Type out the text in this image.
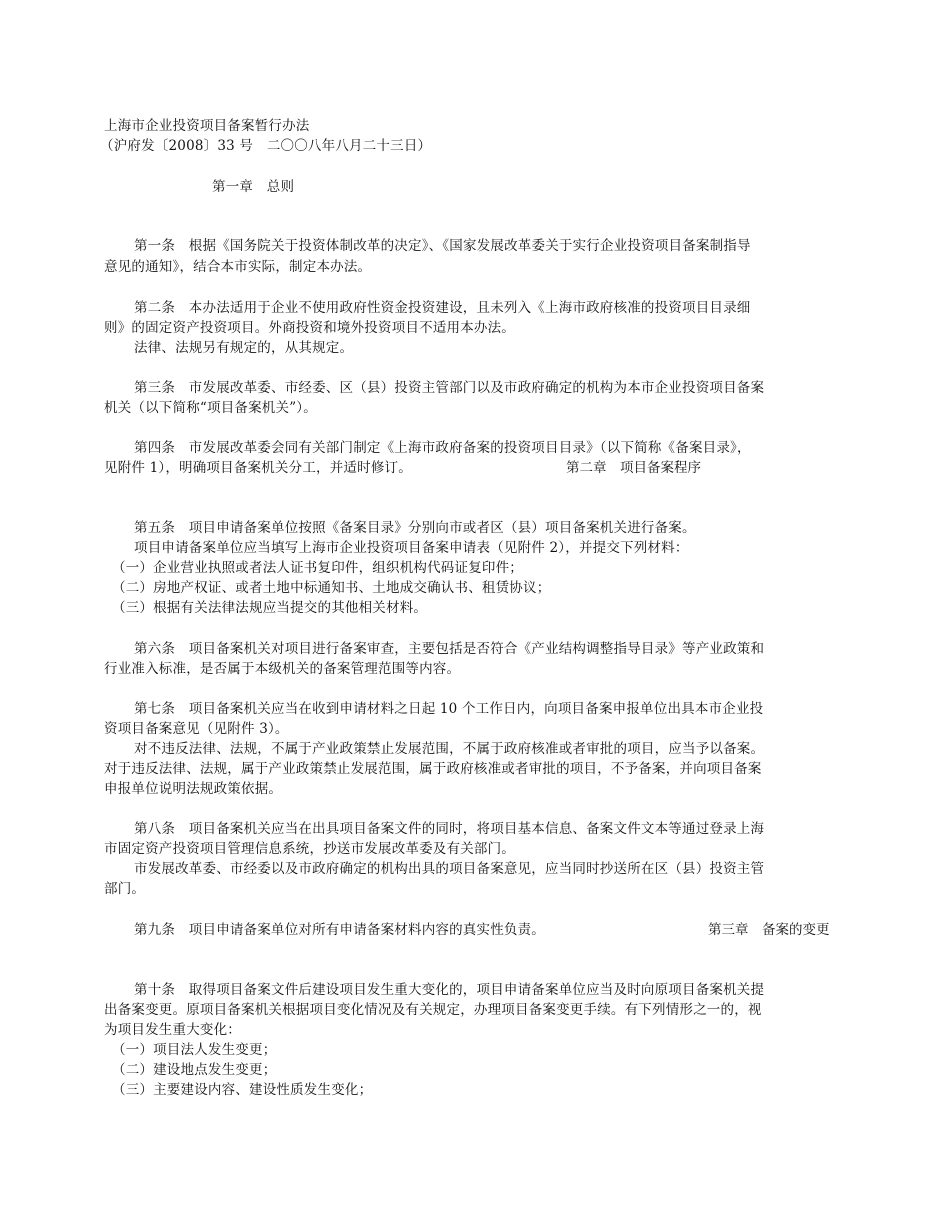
上海市企业投资项目备案暂行办法
（沪府发〔2008〕33 号　二〇〇八年八月二十三日）
第一章　总则
第一条　根据《国务院关于投资体制改革的决定》、《国家发展改革委关于实行企业投资项目备案制指导
意见的通知》，结合本市实际，制定本办法。
第二条　本办法适用于企业不使用政府性资金投资建设，且未列入《上海市政府核准的投资项目目录细
则》的固定资产投资项目。外商投资和境外投资项目不适用本办法。
法律、法规另有规定的，从其规定。
第三条　市发展改革委、市经委、区（县）投资主管部门以及市政府确定的机构为本市企业投资项目备案
机关（以下简称“项目备案机关”）。
第四条　市发展改革委会同有关部门制定《上海市政府备案的投资项目目录》（以下简称《备案目录》，
见附件 1），明确项目备案机关分工，并适时修订。	第二章　项目备案程序
第五条　项目申请备案单位按照《备案目录》分别向市或者区（县）项目备案机关进行备案。
项目申请备案单位应当填写上海市企业投资项目备案申请表（见附件 2），并提交下列材料：
（一）企业营业执照或者法人证书复印件，组织机构代码证复印件；
（二）房地产权证、或者土地中标通知书、土地成交确认书、租赁协议；
（三）根据有关法律法规应当提交的其他相关材料。
第六条　项目备案机关对项目进行备案审查，主要包括是否符合《产业结构调整指导目录》等产业政策和
行业准入标准，是否属于本级机关的备案管理范围等内容。
第七条　项目备案机关应当在收到申请材料之日起 10 个工作日内，向项目备案申报单位出具本市企业投
资项目备案意见（见附件 3）。
对不违反法律、法规，不属于产业政策禁止发展范围，不属于政府核准或者审批的项目，应当予以备案。
对于违反法律、法规，属于产业政策禁止发展范围，属于政府核准或者审批的项目，不予备案，并向项目备案
申报单位说明法规政策依据。
第八条　项目备案机关应当在出具项目备案文件的同时，将项目基本信息、备案文件文本等通过登录上海
市固定资产投资项目管理信息系统，抄送市发展改革委及有关部门。
市发展改革委、市经委以及市政府确定的机构出具的项目备案意见，应当同时抄送所在区（县）投资主管
部门。
第九条　项目申请备案单位对所有申请备案材料内容的真实性负责。	第三章　备案的变更
第十条　取得项目备案文件后建设项目发生重大变化的，项目申请备案单位应当及时向原项目备案机关提
出备案变更。原项目备案机关根据项目变化情况及有关规定，办理项目备案变更手续。有下列情形之一的，视
为项目发生重大变化：
（一）项目法人发生变更；
（二）建设地点发生变更；
（三）主要建设内容、建设性质发生变化；
